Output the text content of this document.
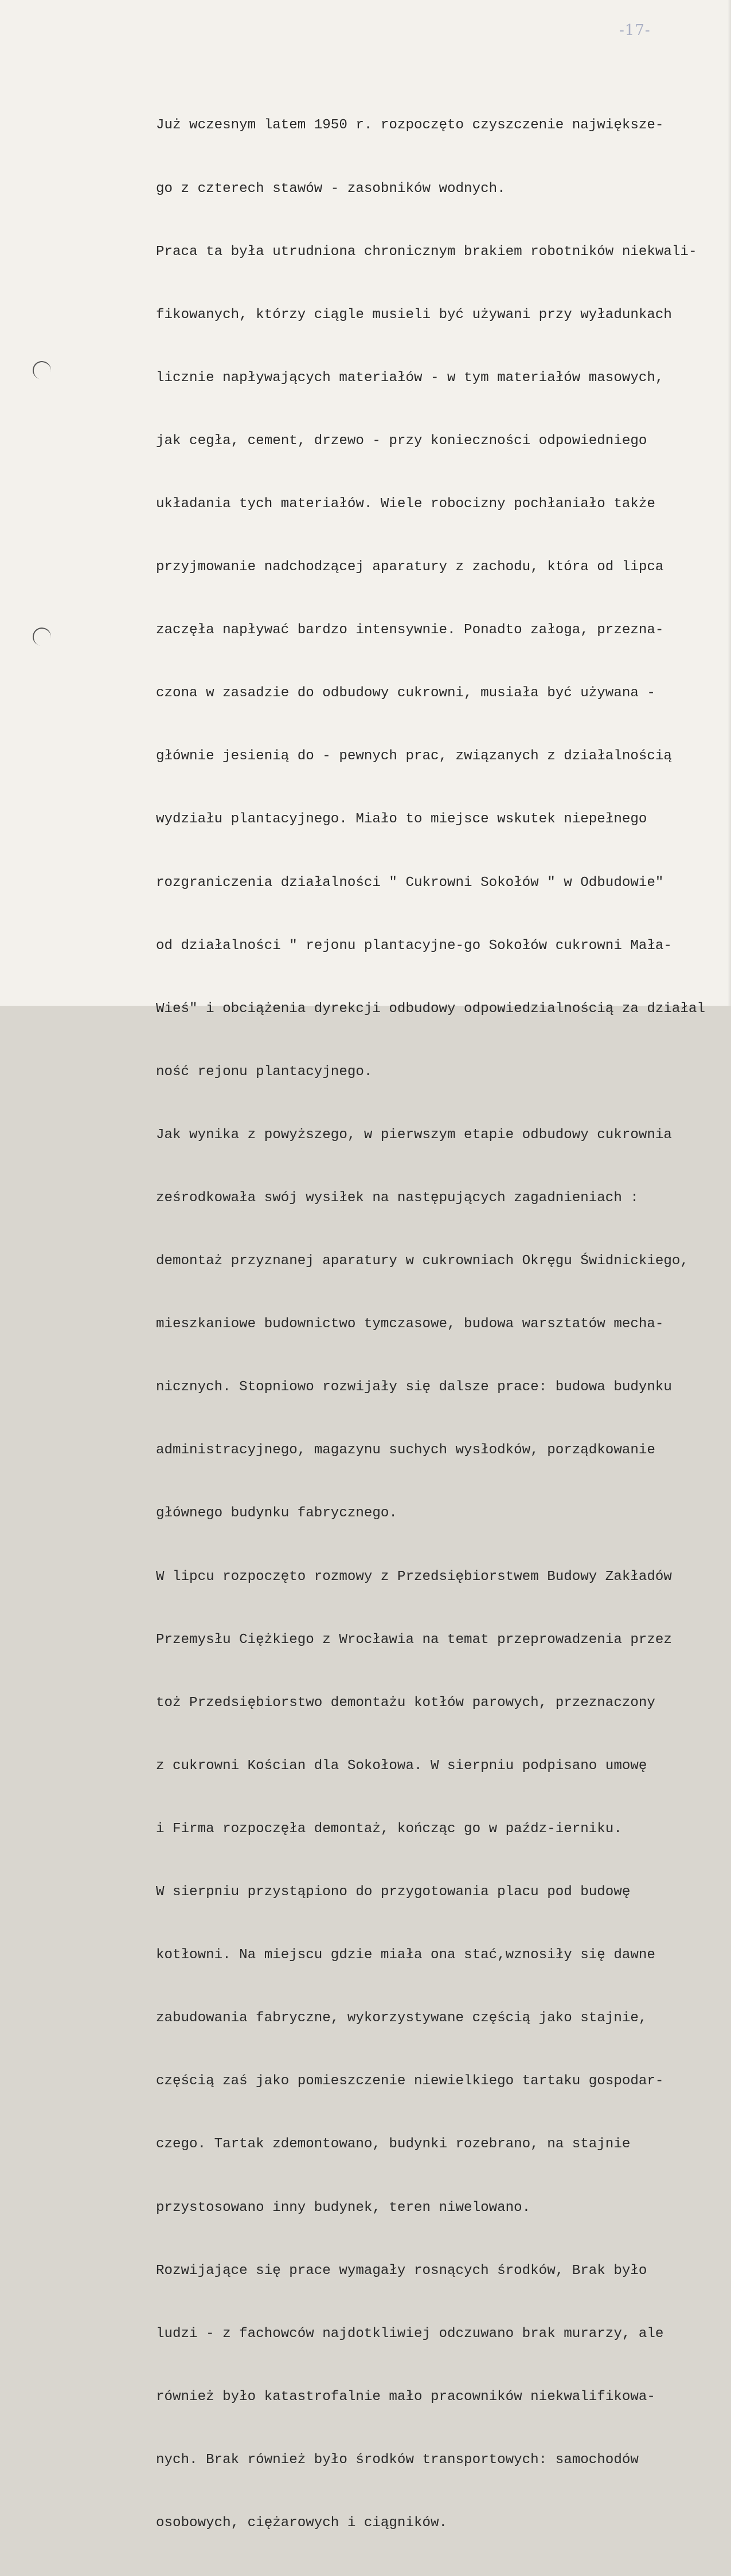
-17-

Już wczesnym latem 1950 r. rozpoczęto czyszczenie największe-

go z czterech stawów - zasobników wodnych.

Praca ta była utrudniona chronicznym brakiem robotników niekwali-

fikowanych, którzy ciągle musieli być używani przy wyładunkach

licznie napływających materiałów - w tym materiałów masowych,

jak cegła, cement, drzewo - przy konieczności odpowiedniego

układania tych materiałów. Wiele robocizny pochłaniało także

przyjmowanie nadchodzącej aparatury z zachodu, która od lipca

zaczęła napływać bardzo intensywnie. Ponadto załoga, przezna-

czona w zasadzie do odbudowy cukrowni, musiała być używana -

głównie jesienią do - pewnych prac, związanych z działalnością

wydziału plantacyjnego. Miało to miejsce wskutek niepełnego

rozgraniczenia działalności " Cukrowni Sokołów " w Odbudowie"

od działalności " rejonu plantacyjne-go Sokołów cukrowni Mała-

Wieś" i obciążenia dyrekcji odbudowy odpowiedzialnością za działal

ność rejonu plantacyjnego.

Jak wynika z powyższego, w pierwszym etapie odbudowy cukrownia

ześrodkowała swój wysiłek na następujących zagadnieniach :

demontaż przyznanej aparatury w cukrowniach Okręgu Świdnickiego,

mieszkaniowe budownictwo tymczasowe, budowa warsztatów mecha-

nicznych. Stopniowo rozwijały się dalsze prace: budowa budynku

administracyjnego, magazynu suchych wysłodków, porządkowanie

głównego budynku fabrycznego.

W lipcu rozpoczęto rozmowy z Przedsiębiorstwem Budowy Zakładów

Przemysłu Ciężkiego z Wrocławia na temat przeprowadzenia przez

toż Przedsiębiorstwo demontażu kotłów parowych, przeznaczony

z cukrowni Kościan dla Sokołowa. W sierpniu podpisano umowę

i Firma rozpoczęła demontaż, kończąc go w paźdz-ierniku.

W sierpniu przystąpiono do przygotowania placu pod budowę

kotłowni. Na miejscu gdzie miała ona stać,wznosiły się dawne

zabudowania fabryczne, wykorzystywane częścią jako stajnie,

częścią zaś jako pomieszczenie niewielkiego tartaku gospodar-

czego. Tartak zdemontowano, budynki rozebrano, na stajnie

przystosowano inny budynek, teren niwelowano.

Rozwijające się prace wymagały rosnących środków, Brak było

ludzi - z fachowców najdotkliwiej odczuwano brak murarzy, ale

również było katastrofalnie mało pracowników niekwalifikowa-

nych. Brak również było środków transportowych: samochodów

osobowych, ciężarowych i ciągników.
